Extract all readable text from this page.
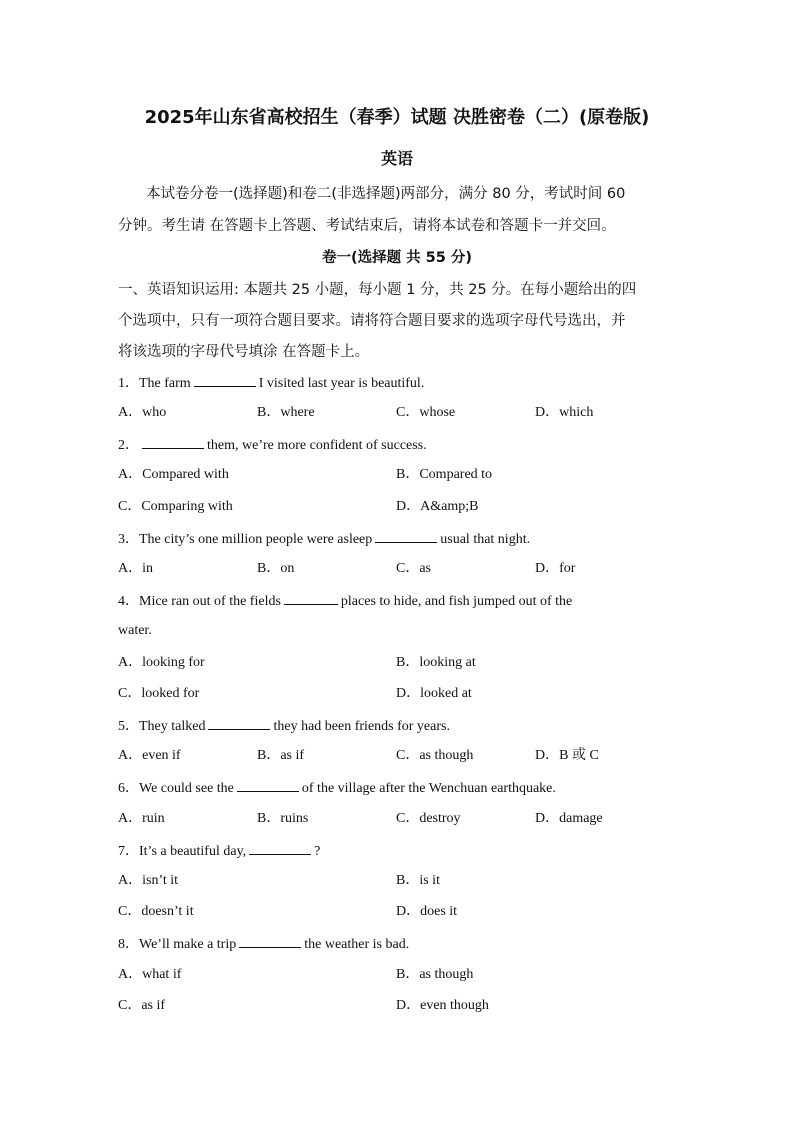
2025年山东省高校招生（春季）试题 决胜密卷（二）(原卷版)
英语
本试卷分卷一(选择题)和卷二(非选择题)两部分，满分 80 分，考试时间 60
分钟。考生请 在答题卡上答题、考试结束后，请将本试卷和答题卡一并交回。
卷一(选择题 共 55 分)
一、英语知识运用: 本题共 25 小题，每小题 1 分，共 25 分。在每小题给出的四
个选项中，只有一项符合题目要求。请将符合题目要求的选项字母代号选出，并
将该选项的字母代号填涂 在答题卡上。
1．The farm	I visited last year is beautiful.
A．who	B．where	C．whose	D．which
2．	them, we’re more confident of success.
A．Compared with	B．Compared to
C．Comparing with	D．A&amp;B
3．The city’s one million people were asleep	usual that night.
A．in	B．on	C．as	D．for
4．Mice ran out of the fields	places to hide, and fish jumped out of the
water.
A．looking for	B．looking at
C．looked for	D．looked at
5．They talked	they had been friends for years.
A．even if	B．as if	C．as though	D．B 或 C
6．We could see the	of the village after the Wenchuan earthquake.
A．ruin	B．ruins	C．destroy	D．damage
7．It’s a beautiful day,	?
A．isn’t it	B．is it
C．doesn’t it	D．does it
8．We’ll make a trip	the weather is bad.
A．what if	B．as though
C．as if	D．even though
